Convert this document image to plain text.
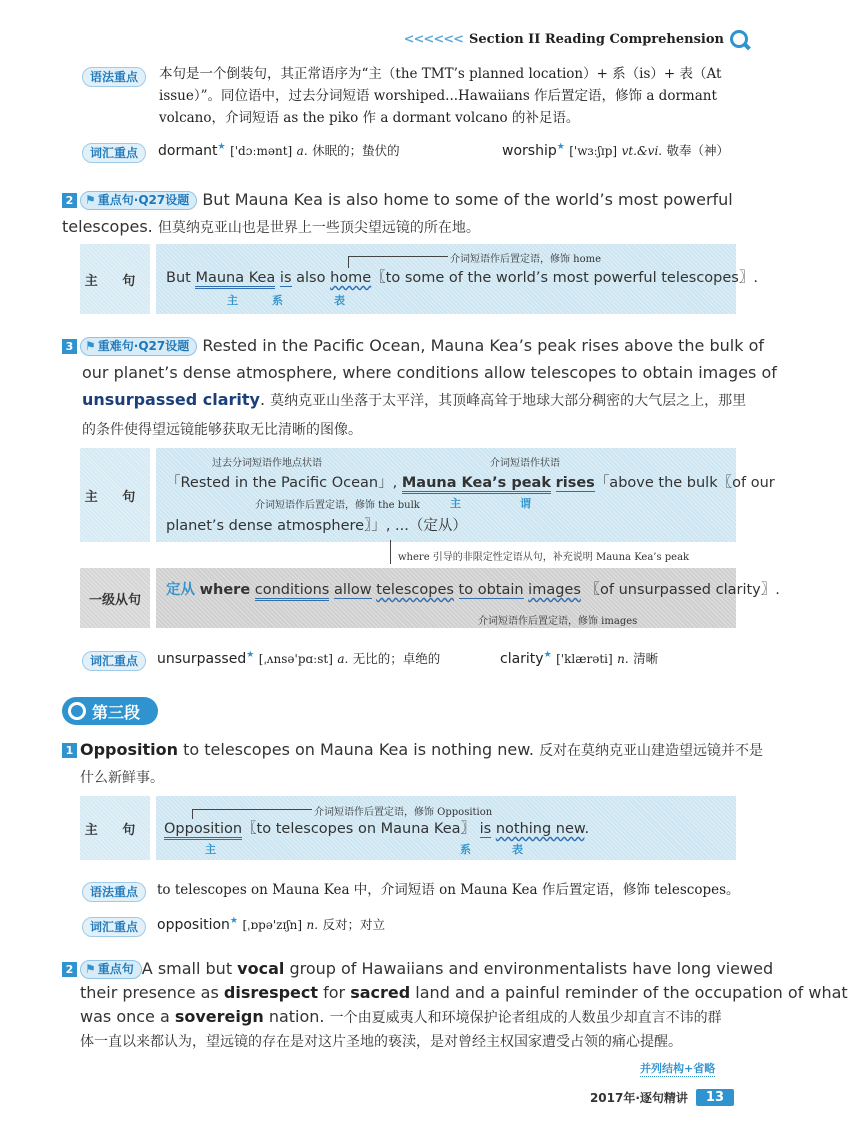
<<<<<< Section II Reading Comprehension
语法重点	本句是一个倒装句，其正常语序为“主（the TMT’s planned location）+ 系（is）+ 表（At issue）”。同位语中，过去分词短语 worshiped...Hawaiians 作后置定语，修饰 a dormant volcano，介词短语 as the piko 作 a dormant volcano 的补足语。
词汇重点	dormant★ ['dɔːmənt] a. 休眠的；蛰伏的	worship★ ['wɜːʃɪp] vt.&vi. 敬奉（神）
2 ⚑ 重点句·Q27设题 But Mauna Kea is also home to some of the world’s most powerful telescopes. 但莫纳克亚山也是世界上一些顶尖望远镜的所在地。
主 句
介词短语作后置定语，修饰 home
But Mauna Kea is also home〖to some of the world’s most powerful telescopes〗.
主	系	表
3 ⚑ 重难句·Q27设题 Rested in the Pacific Ocean, Mauna Kea’s peak rises above the bulk of
our planet’s dense atmosphere, where conditions allow telescopes to obtain images of
unsurpassed clarity. 莫纳克亚山坐落于太平洋，其顶峰高耸于地球大部分稠密的大气层之上，那里的条件使得望远镜能够获取无比清晰的图像。
主 句
过去分词短语作地点状语	介词短语作状语
「Rested in the Pacific Ocean」, Mauna Kea’s peak rises「above the bulk〖of our
介词短语作后置定语，修饰 the bulk	主	谓
planet’s dense atmosphere〗」, ...（定从）
where 引导的非限定性定语从句，补充说明 Mauna Kea’s peak
一级从句
定从 where conditions allow telescopes to obtain images 〖of unsurpassed clarity〗.
介词短语作后置定语，修饰 images
词汇重点	unsurpassed★ [ˌʌnsə'pɑːst] a. 无比的；卓绝的	clarity★ ['klærəti] n. 清晰
第三段
1 Opposition to telescopes on Mauna Kea is nothing new. 反对在莫纳克亚山建造望远镜并不是
什么新鲜事。
主 句
介词短语作后置定语，修饰 Opposition
Opposition〖to telescopes on Mauna Kea〗 is nothing new.
主	系	表
语法重点	to telescopes on Mauna Kea 中，介词短语 on Mauna Kea 作后置定语，修饰 telescopes。
词汇重点	opposition★ [ˌɒpə'zɪʃn] n. 反对；对立
2 ⚑ 重点句 A small but vocal group of Hawaiians and environmentalists have long viewed
their presence as disrespect for sacred land and a painful reminder of the occupation of what
was once a sovereign nation. 一个由夏威夷人和环境保护论者组成的人数虽少却直言不讳的群
体一直以来都认为，望远镜的存在是对这片圣地的亵渎，是对曾经主权国家遭受占领的痛心提醒。
并列结构+省略
2017年·逐句精讲	13
